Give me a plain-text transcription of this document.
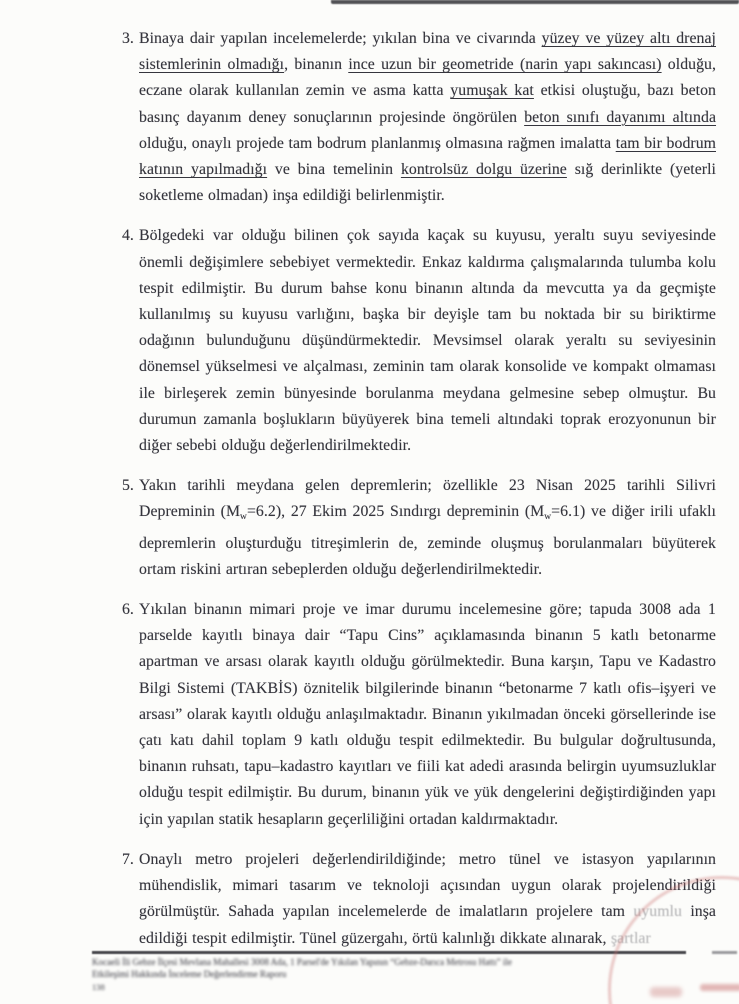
3. Binaya dair yapılan incelemelerde; yıkılan bina ve civarında yüzey ve yüzey altı drenaj sistemlerinin olmadığı, binanın ince uzun bir geometride (narin yapı sakıncası) olduğu, eczane olarak kullanılan zemin ve asma katta yumuşak kat etkisi oluştuğu, bazı beton basınç dayanım deney sonuçlarının projesinde öngörülen beton sınıfı dayanımı altında olduğu, onaylı projede tam bodrum planlanmış olmasına rağmen imalatta tam bir bodrum katının yapılmadığı ve bina temelinin kontrolsüz dolgu üzerine sığ derinlikte (yeterli soketleme olmadan) inşa edildiği belirlenmiştir.

4. Bölgedeki var olduğu bilinen çok sayıda kaçak su kuyusu, yeraltı suyu seviyesinde önemli değişimlere sebebiyet vermektedir. Enkaz kaldırma çalışmalarında tulumba kolu tespit edilmiştir. Bu durum bahse konu binanın altında da mevcutta ya da geçmişte kullanılmış su kuyusu varlığını, başka bir deyişle tam bu noktada bir su biriktirme odağının bulunduğunu düşündürmektedir. Mevsimsel olarak yeraltı su seviyesinin dönemsel yükselmesi ve alçalması, zeminin tam olarak konsolide ve kompakt olmaması ile birleşerek zemin bünyesinde borulanma meydana gelmesine sebep olmuştur. Bu durumun zamanla boşlukların büyüyerek bina temeli altındaki toprak erozyonunun bir diğer sebebi olduğu değerlendirilmektedir.

5. Yakın tarihli meydana gelen depremlerin; özellikle 23 Nisan 2025 tarihli Silivri Depreminin $(M_w=6.2)$, 27 Ekim 2025 Sındırgı depreminin $(M_w=6.1)$ ve diğer irili ufaklı depremlerin oluşturduğu titreşimlerin de, zeminde oluşmuş borulanmaları büyüterek ortam riskini artıran sebeplerden olduğu değerlendirilmektedir.

6. Yıkılan binanın mimari proje ve imar durumu incelemesine göre; tapuda 3008 ada 1 parselde kayıtlı binaya dair “Tapu Cins” açıklamasında binanın 5 katlı betonarme apartman ve arsası olarak kayıtlı olduğu görülmektedir. Buna karşın, Tapu ve Kadastro Bilgi Sistemi (TAKBİS) öznitelik bilgilerinde binanın “betonarme 7 katlı ofis–işyeri ve arsası” olarak kayıtlı olduğu anlaşılmaktadır. Binanın yıkılmadan önceki görsellerinde ise çatı katı dahil toplam 9 katlı olduğu tespit edilmektedir. Bu bulgular doğrultusunda, binanın ruhsatı, tapu–kadastro kayıtları ve fiili kat adedi arasında belirgin uyumsuzluklar olduğu tespit edilmiştir. Bu durum, binanın yük ve yük dengelerini değiştirdiğinden yapı için yapılan statik hesapların geçerliliğini ortadan kaldırmaktadır.

7. Onaylı metro projeleri değerlendirildiğinde; metro tünel ve istasyon yapılarının mühendislik, mimari tasarım ve teknoloji açısından uygun olarak projelendirildiği görülmüştür. Sahada yapılan incelemelerde de imalatların projelere tam uyumlu inşa edildiği tespit edilmiştir. Tünel güzergahı, örtü kalınlığı dikkate alınarak, şartlar

Kocaeli İli Gebze İlçesi Mevlana Mahallesi 3008 Ada, 1 Parsel'de Yıkılan Yapının “Gebze-Darıca Metrosu Hattı” ile

Etkileşimi Hakkında İnceleme Değerlendirme Raporu

138
